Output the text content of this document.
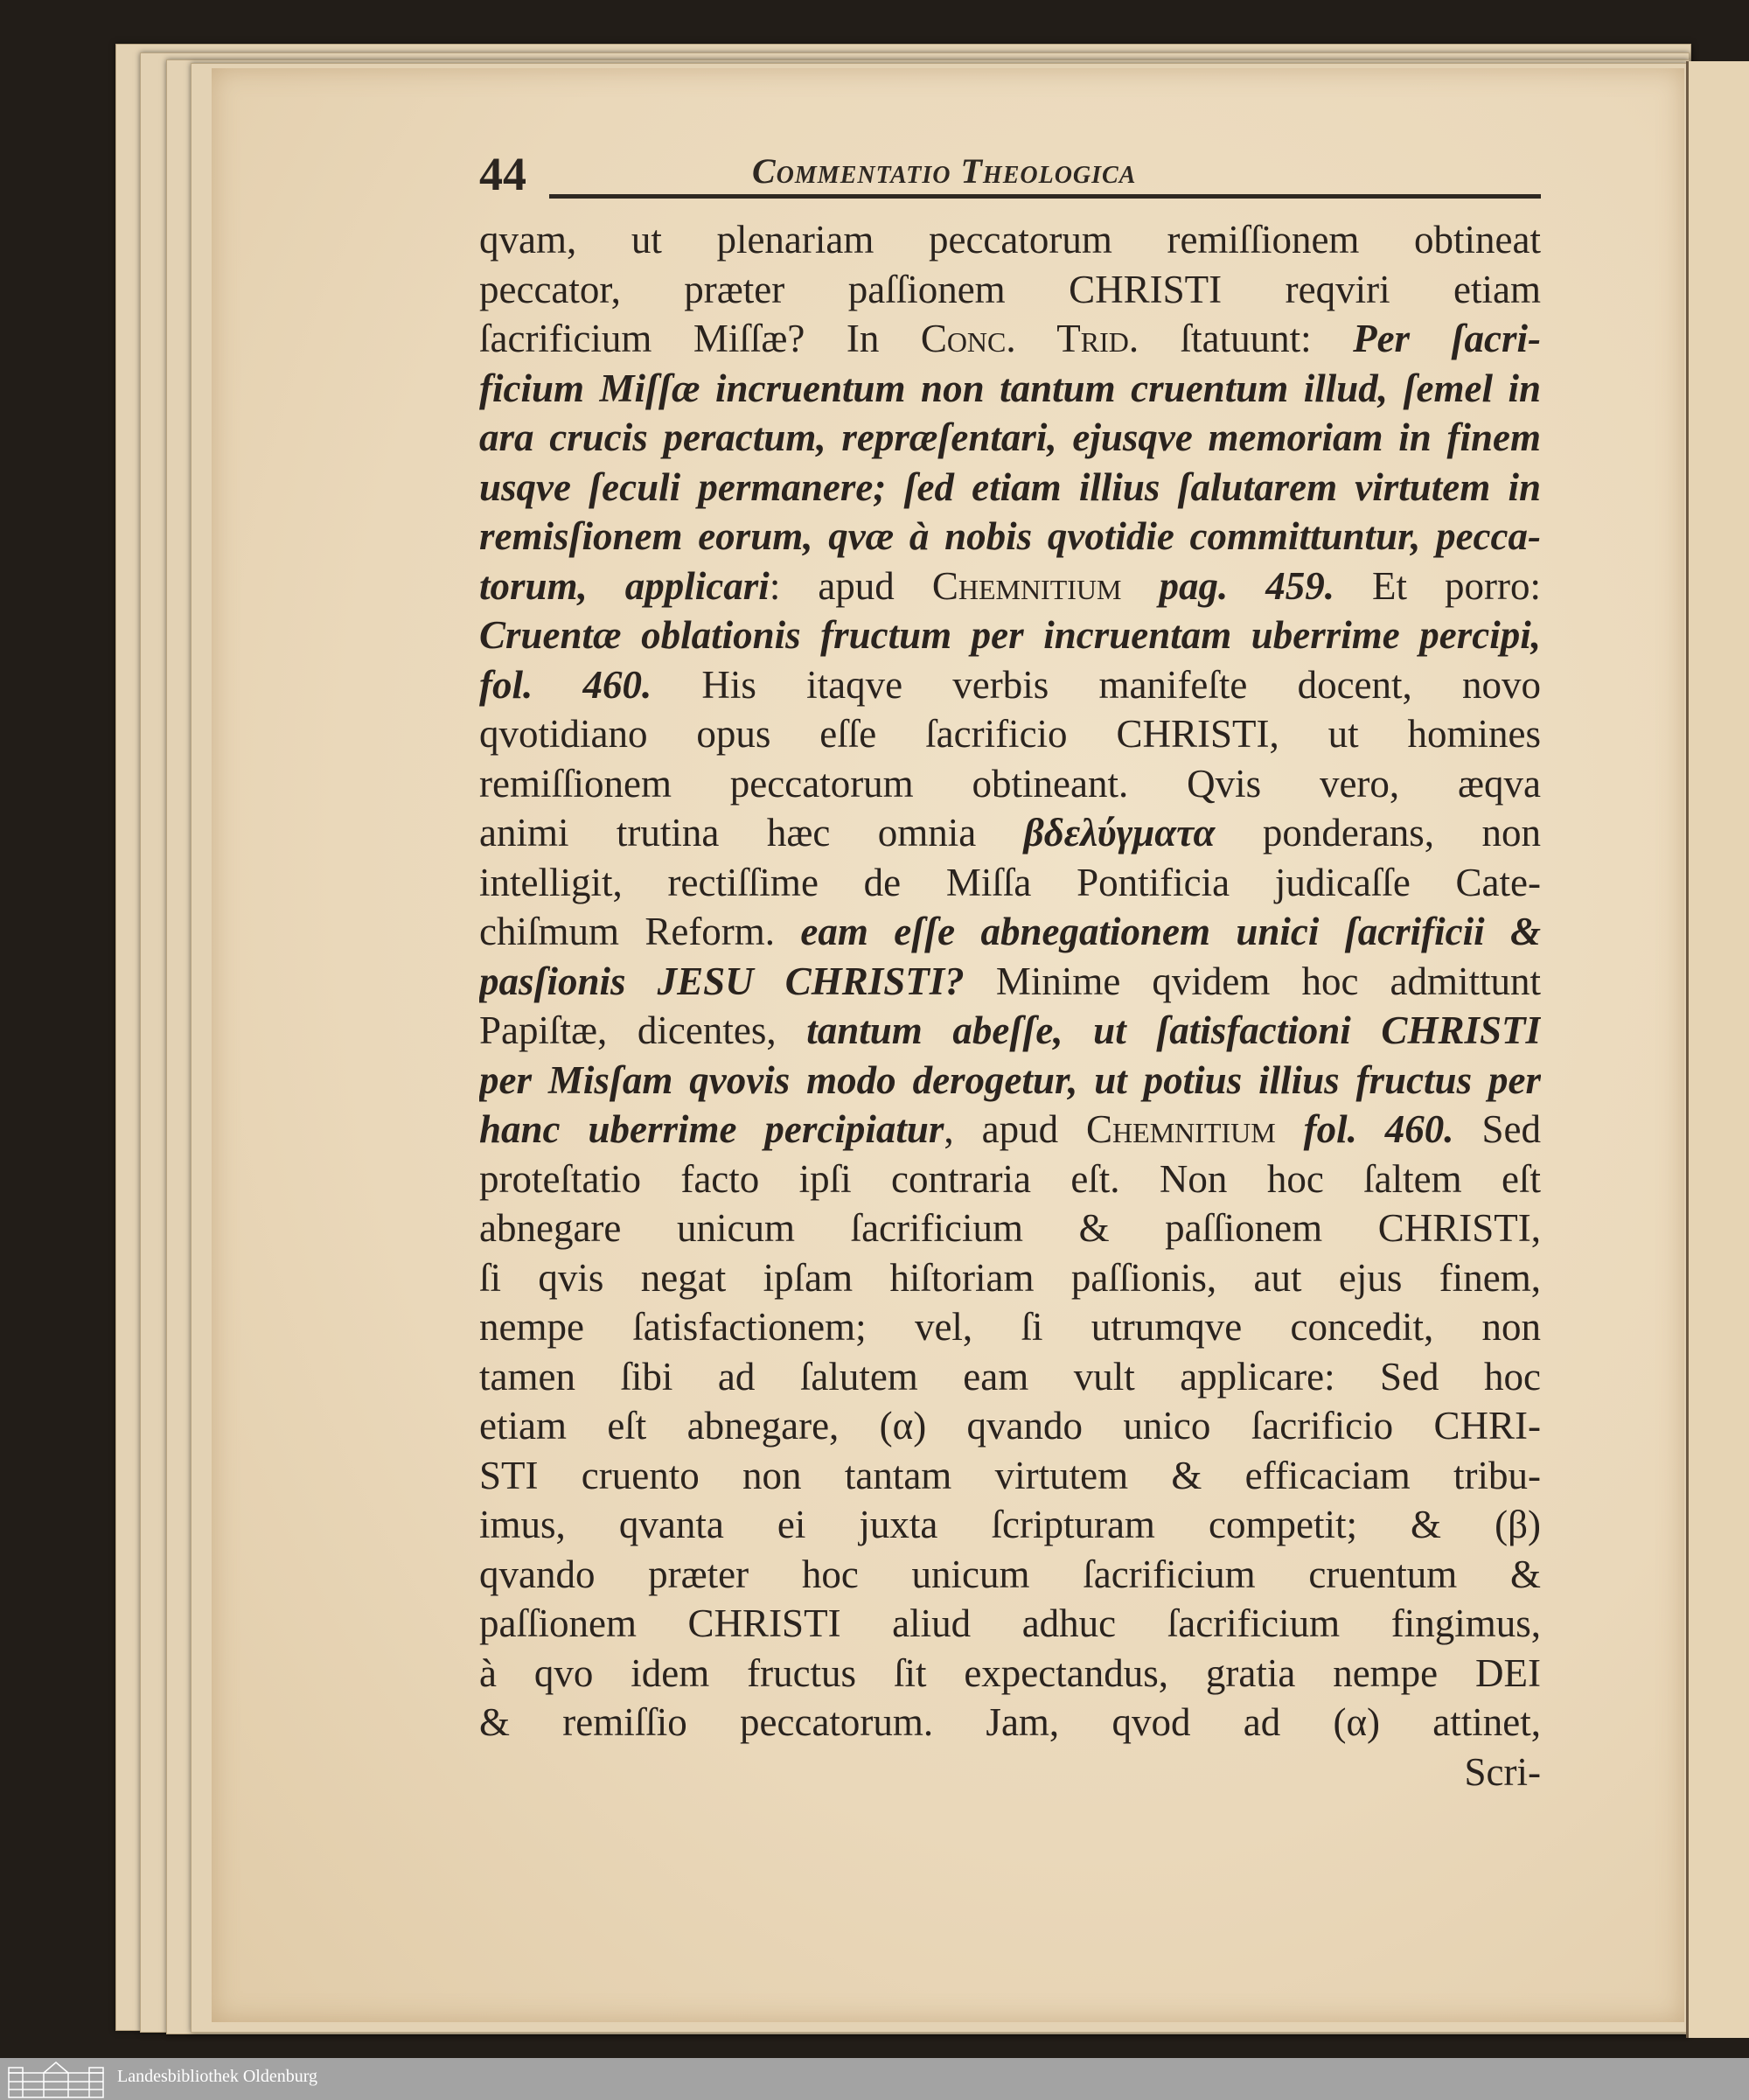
44	Commentatio Theologica
qvam, ut plenariam peccatorum remiſſionem obtineat
peccator, præter paſſionem CHRISTI reqviri etiam
ſacrificium Miſſæ? In Conc. Trid. ſtatuunt: Per ſacri-
ficium Miſſæ incruentum non tantum cruentum illud, ſemel in
ara crucis peractum, repræſentari, ejusqve memoriam in finem
usqve ſeculi permanere; ſed etiam illius ſalutarem virtutem in
remisſionem eorum, qvæ à nobis qvotidie committuntur, pecca-
torum, applicari: apud Chemnitium pag. 459. Et porro:
Cruentæ oblationis fructum per incruentam uberrime percipi,
fol. 460. His itaqve verbis manifeſte docent, novo
qvotidiano opus eſſe ſacrificio CHRISTI, ut homines
remiſſionem peccatorum obtineant. Qvis vero, æqva
animi trutina hæc omnia βδελύγματα ponderans, non
intelligit, rectiſſime de Miſſa Pontificia judicaſſe Cate-
chiſmum Reform. eam eſſe abnegationem unici ſacrificii &
pasſionis JESU CHRISTI? Minime qvidem hoc admittunt
Papiſtæ, dicentes, tantum abeſſe, ut ſatisfactioni CHRISTI
per Misſam qvovis modo derogetur, ut potius illius fructus per
hanc uberrime percipiatur, apud Chemnitium fol. 460. Sed
proteſtatio facto ipſi contraria eſt. Non hoc ſaltem eſt
abnegare unicum ſacrificium & paſſionem CHRISTI,
ſi qvis negat ipſam hiſtoriam paſſionis, aut ejus finem,
nempe ſatisfactionem; vel, ſi utrumqve concedit, non
tamen ſibi ad ſalutem eam vult applicare: Sed hoc
etiam eſt abnegare, (α) qvando unico ſacrificio CHRI-
STI cruento non tantam virtutem & efficaciam tribu-
imus, qvanta ei juxta ſcripturam competit; & (β)
qvando præter hoc unicum ſacrificium cruentum &
paſſionem CHRISTI aliud adhuc ſacrificium fingimus,
à qvo idem fructus ſit expectandus, gratia nempe DEI
& remiſſio peccatorum. Jam, qvod ad (α) attinet,
Scri-
Landesbibliothek Oldenburg
